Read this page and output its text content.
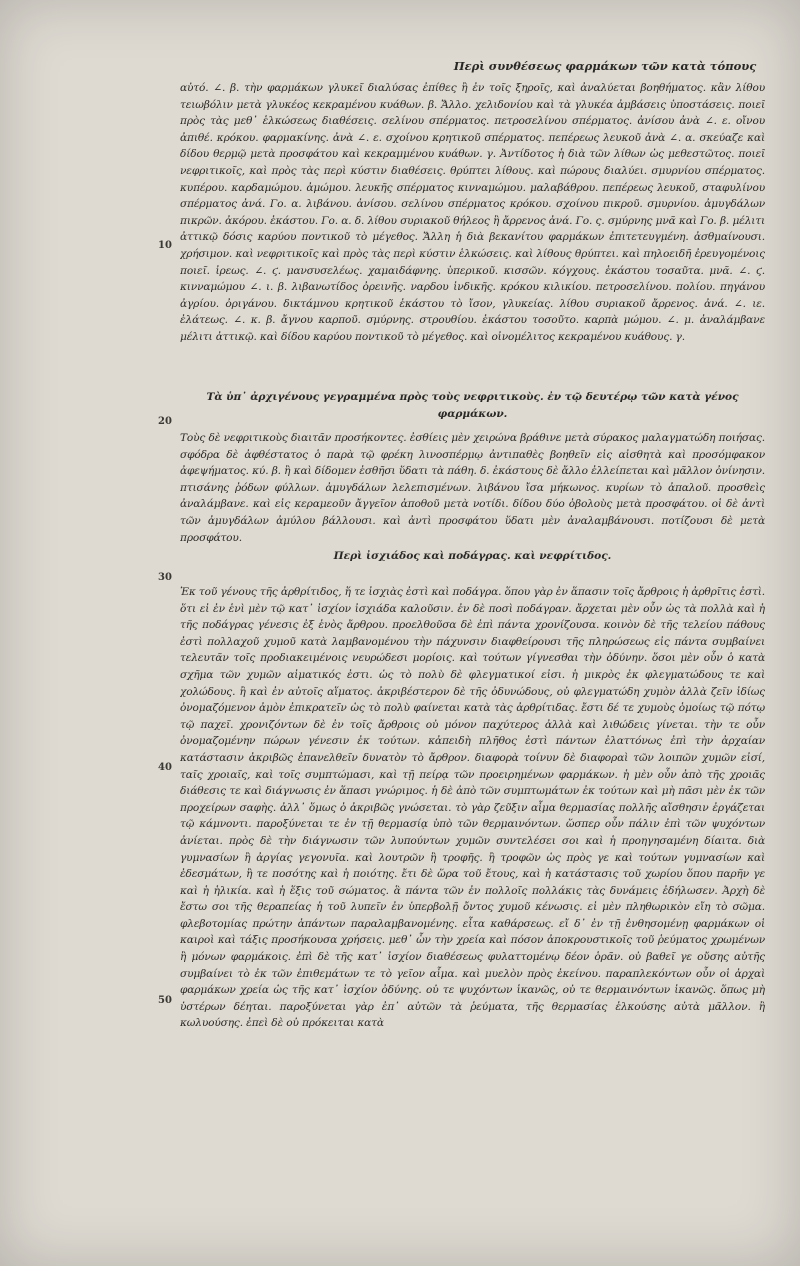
Περὶ συνθέσεως φαρμάκων τῶν κατὰ τόπους
αὐτό. ∠. β. τὴν φαρμάκων γλυκεῖ διαλύσας ἐπίθες ἢ ἐν τοῖς ξηροῖς, καὶ ἀναλύεται βοηθήματος. κἂν λίθου τειωβόλιν μετὰ γλυκέος κεκραμένου κυάθων. β. Ἄλλο. χελιδονίου καὶ τὰ γλυκέα ἀμβάσεις ὑποστάσεις. ποιεῖ πρὸς τὰς μεθ᾽ ἑλκώσεως διαθέσεις. σελίνου σπέρματος. πετροσελίνου σπέρματος. ἀνίσου ἀνὰ ∠. ε. οἴνου ἀπιθέ. κρόκου. φαρμακίνης. ἀνὰ ∠. ε. σχοίνου κρητικοῦ σπέρματος. πεπέρεως λευκοῦ ἀνὰ ∠. α. σκεύαζε καὶ δίδου θερμῷ μετὰ προσφάτου καὶ κεκραμμένου κυάθων. γ. Ἀντίδοτος ἡ διὰ τῶν λίθων ὡς μεθεστῶτος. ποιεῖ νεφριτικοῖς, καὶ πρὸς τὰς περὶ κύστιν διαθέσεις. θρύπτει λίθους. καὶ πώρους διαλύει. σμυρνίου σπέρματος. κυπέρου. καρδαμώμου. ἀμώμου. λευκῆς σπέρματος κινναμώμου. μαλαβάθρου. πεπέρεως λευκοῦ, σταφυλίνου σπέρματος ἀνά. Γο. α. λιβάνου. ἀνίσου. σελίνου σπέρματος κρόκου. σχοίνου πικροῦ. σμυρνίου. ἀμυγδάλων πικρῶν. ἀκόρου. ἑκάστου. Γο. α. δ. λίθου συριακοῦ θήλεος ἢ ἄρρενος ἀνά. Γο. ς. σμύρνης μνᾶ καὶ Γο. β. μέλιτι ἀττικῷ δόσις καρύου ποντικοῦ τὸ μέγεθος. Ἄλλη ἡ διὰ βεκανίτου φαρμάκων ἐπιτετευγμένη. ἀσθμαίνουσι. χρήσιμον. καὶ νεφριτικοῖς καὶ πρὸς τὰς περὶ κύστιν ἑλκώσεις. καὶ λίθους θρύπτει. καὶ πηλοειδῆ ἐρευγομένοις ποιεῖ. ἰρεως. ∠. ϛ. μανσυσελέως. χαμαιδάφνης. ὑπερικοῦ. κισσῶν. κόγχους. ἑκάστου τοσαῦτα. μνᾶ. ∠. ϛ. κινναμώμου ∠. ι. β. λιβανωτίδος ὀρεινῆς. ναρδου ἰνδικῆς. κρόκου κιλικίου. πετροσελίνου. πολίου. πηγάνου ἀγρίου. ὀριγάνου. δικτάμνου κρητικοῦ ἑκάστου τὸ ἴσον, γλυκείας. λίθου συριακοῦ ἄρρενος. ἀνά. ∠. ιε. ἐλάτεως. ∠. κ. β. ἄγνου καρποῦ. σμύρνης. στρουθίου. ἑκάστου τοσοῦτο. καρπὰ μώμου. ∠. μ. ἀναλάμβανε μέλιτι ἀττικῷ. καὶ δίδου καρύου ποντικοῦ τὸ μέγεθος. καὶ οἰνομέλιτος κεκραμένου κυάθους. γ.
10
Τὰ ὑπ᾽ ἀρχιγένους γεγραμμένα πρὸς τοὺς νεφριτικοὺς. ἐν τῷ δευτέρῳ τῶν κατὰ γένος φαρμάκων.
20
Τοὺς δὲ νεφριτικοὺς διαιτᾶν προσήκοντες. ἐσθίεις μὲν χειρώνα βράθινε μετὰ σύρακος μαλαγματώδη ποιήσας. σφόδρα δὲ ἀφθέστατος ὁ παρὰ τῷ φρέκη λινοσπέρμῳ ἀντιπαθὲς βοηθεῖν εἰς αἰσθητὰ καὶ προσόμφακον ἀφεψήματος. κύ. β. ἢ καὶ δίδομεν ἑσθῆσι ὕδατι τὰ πάθη. δ. ἐκάστους δὲ ἄλλο ἐλλείπεται καὶ μᾶλλον ὀνίνησιν. πτισάνης ῥόδων φύλλων. ἀμυγδάλων λελεπισμένων. λιβάνου ἴσα μήκωνος. κυρίων τὸ ἀπαλοῦ. προσθεὶς ἀναλάμβανε. καὶ εἰς κεραμεοῦν ἄγγεῖον ἀποθοῦ μετὰ νοτίδι. δίδου δύο ὀβολοὺς μετὰ προσφάτου. οἱ δὲ ἀντὶ τῶν ἀμυγδάλων ἀμύλου βάλλουσι. καὶ ἀντὶ προσφάτου ὕδατι μὲν ἀναλαμβάνουσι. ποτίζουσι δὲ μετὰ προσφάτου.
Περὶ ἰσχιάδος καὶ ποδάγρας. καὶ νεφρίτιδος.
30
Ἐκ τοῦ γένους τῆς ἀρθρίτιδος, ἥ τε ἰσχιὰς ἐστὶ καὶ ποδάγρα. ὅπου γὰρ ἐν ἅπασιν τοῖς ἄρθροις ἡ ἀρθρῖτις ἐστὶ. ὅτι εἰ ἐν ἑνὶ μὲν τῷ κατ᾽ ἰσχίον ἰσχιάδα καλοῦσιν. ἐν δὲ ποσὶ ποδάγραν. ἄρχεται μὲν οὖν ὡς τὰ πολλὰ καὶ ἡ τῆς ποδάγρας γένεσις ἐξ ἑνὸς ἄρθρου. προελθοῦσα δὲ ἐπὶ πάντα χρονίζουσα. κοινὸν δὲ τῆς τελείου πάθους ἐστὶ πολλαχοῦ χυμοῦ κατὰ λαμβανομένου τὴν πάχυνσιν διαφθείρουσι τῆς πληρώσεως εἰς πάντα συμβαίνει τελευτᾶν τοῖς προδιακειμένοις νευρώδεσι μορίοις. καὶ τούτων γίγνεσθαι τὴν ὀδύνην. ὅσοι μὲν οὖν ὁ κατὰ σχῆμα τῶν χυμῶν αἱματικός ἐστι. ὡς τὸ πολὺ δὲ φλεγματικοί εἰσι. ἡ μικρὸς ἐκ φλεγματώδους τε καὶ χολώδους. ἢ καὶ ἐν αὐτοῖς αἵματος. ἀκριβέστερον δὲ τῆς ὀδυνώδους, οὐ φλεγματώδη χυμὸν ἀλλὰ ζεῖν ἰδίως ὀνομαζόμενον ἀμὸν ἐπικρατεῖν ὡς τὸ πολὺ φαίνεται κατὰ τὰς ἀρθρίτιδας. ἔστι δέ τε χυμοὺς ὁμοίως τῷ πότῳ τῷ παχεῖ. χρονιζόντων δὲ ἐν τοῖς ἄρθροις οὐ μόνον παχύτερος ἀλλὰ καὶ λιθώδεις γίνεται. τὴν τε οὖν ὀνομαζομένην πώρων γένεσιν ἐκ τούτων. κἀπειδὴ πλῆθος ἐστὶ πάντων ἐλαττόνως ἐπὶ τὴν ἀρχαίαν κατάστασιν ἀκριβῶς ἐπανελθεῖν δυνατὸν τὸ ἄρθρον. διαφορὰ τοίνυν δὲ διαφοραὶ τῶν λοιπῶν χυμῶν εἰσί, ταῖς χροιαῖς, καὶ τοῖς συμπτώμασι, καὶ τῇ πείρᾳ τῶν προειρημένων φαρμάκων. ἡ μὲν οὖν ἀπὸ τῆς χροιᾶς διάθεσις τε καὶ διάγνωσις ἐν ἅπασι γνώριμος. ἡ δὲ ἀπὸ τῶν συμπτωμάτων ἐκ τούτων καὶ μὴ πᾶσι μὲν ἐκ τῶν προχείρων σαφὴς. ἀλλ᾽ ὅμως ὁ ἀκριβῶς γνώσεται. τὸ γὰρ ζεῦξιν αἷμα θερμασίας πολλῆς αἴσθησιν ἐργάζεται τῷ κάμνοντι. παροξύνεται τε ἐν τῇ θερμασίᾳ ὑπὸ τῶν θερμαινόντων. ὥσπερ οὖν πάλιν ἐπὶ τῶν ψυχόντων ἀνίεται. πρὸς δὲ τὴν διάγνωσιν τῶν λυπούντων χυμῶν συντελέσει σοι καὶ ἡ προηγησαμένη δίαιτα. διὰ γυμνασίων ἢ ἀργίας γεγονυῖα. καὶ λουτρῶν ἢ τροφῆς. ἢ τροφῶν ὡς πρὸς γε καὶ τούτων γυμνασίων καὶ ἐδεσμάτων, ἢ τε ποσότης καὶ ἡ ποιότης. ἔτι δὲ ὥρα τοῦ ἔτους, καὶ ἡ κατάστασις τοῦ χωρίου ὅπου παρῆν γε καὶ ἡ ἡλικία. καὶ ἡ ἕξις τοῦ σώματος. ἃ πάντα τῶν ἐν πολλοῖς πολλάκις τὰς δυνάμεις ἐδήλωσεν. Ἀρχὴ δὲ ἔστω σοι τῆς θεραπείας ἡ τοῦ λυπεῖν ἐν ὑπερβολῇ ὄντος χυμοῦ κένωσις. εἰ μὲν πληθωρικὸν εἴη τὸ σῶμα. φλεβοτομίας πρώτην ἁπάντων παραλαμβανομένης. εἶτα καθάρσεως. εἴ δ᾽ ἐν τῇ ἐνθησομένῃ φαρμάκων οἱ καιροὶ καὶ τάξις προσήκουσα χρήσεις. μεθ᾽ ὧν τὴν χρεία καὶ πόσον ἀποκρουστικοῖς τοῦ ῥεύματος χρωμένων ἢ μόνων φαρμάκοις. ἐπὶ δὲ τῆς κατ᾽ ἰσχίον διαθέσεως φυλαττομένῳ δέον ὁρᾶν. οὐ βαθεῖ γε οὔσης αὐτῆς συμβαίνει τὸ ἐκ τῶν ἐπιθεμάτων τε τὸ γεῖον αἷμα. καὶ μυελὸν πρὸς ἐκείνου. παραπλεκόντων οὖν οἱ ἀρχαὶ φαρμάκων χρεία ὡς τῆς κατ᾽ ἰσχίον ὀδύνης. οὐ τε ψυχόντων ἱκανῶς, οὐ τε θερμαινόντων ἱκανῶς. ὅπως μὴ ὑστέρων δέηται. παροξύνεται γὰρ ἐπ᾽ αὐτῶν τὰ ῥεύματα, τῆς θερμασίας ἑλκούσης αὐτὰ μᾶλλον. ἢ κωλυούσης. ἐπεὶ δὲ οὐ πρόκειται κατὰ
40
50
